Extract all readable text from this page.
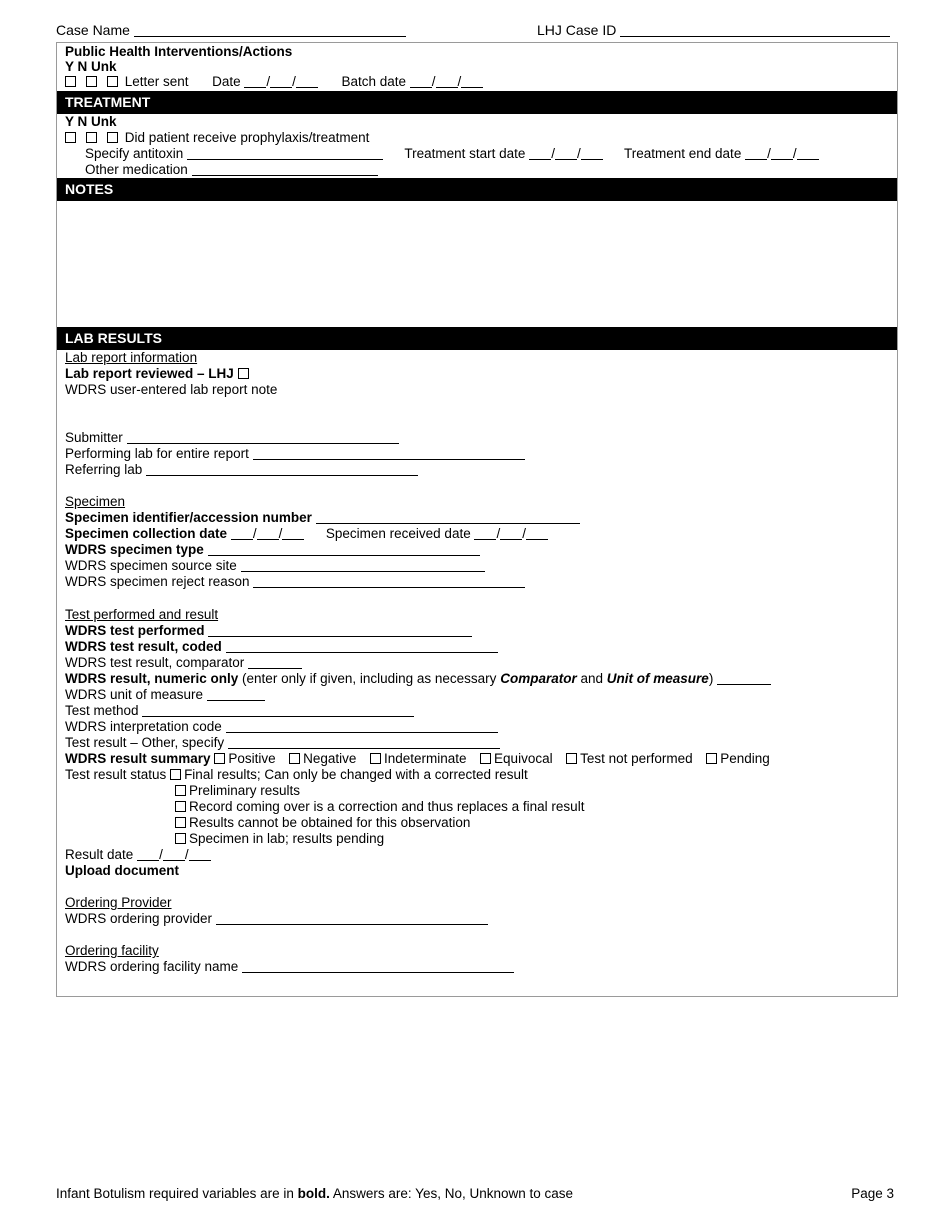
Case Name	LHJ Case ID
Public Health Interventions/Actions
Y N Unk
Letter sent Date / /	Batch date / /
TREATMENT
Y N Unk
Did patient receive prophylaxis/treatment
Specify antitoxin	Treatment start date / /	Treatment end date / /
Other medication
NOTES
LAB RESULTS
Lab report information
Lab report reviewed – LHJ
WDRS user-entered lab report note
Submitter
Performing lab for entire report
Referring lab
Specimen
Specimen identifier/accession number
Specimen collection date / /	Specimen received date / /
WDRS specimen type
WDRS specimen source site
WDRS specimen reject reason
Test performed and result
WDRS test performed
WDRS test result, coded
WDRS test result, comparator
WDRS result, numeric only (enter only if given, including as necessary Comparator and Unit of measure)
WDRS unit of measure
Test method
WDRS interpretation code
Test result – Other, specify
WDRS result summary Positive Negative Indeterminate Equivocal Test not performed Pending
Test result status Final results; Can only be changed with a corrected result
Preliminary results
Record coming over is a correction and thus replaces a final result
Results cannot be obtained for this observation
Specimen in lab; results pending
Result date / /
Upload document
Ordering Provider
WDRS ordering provider
Ordering facility
WDRS ordering facility name
Infant Botulism required variables are in bold. Answers are: Yes, No, Unknown to case	Page 3
